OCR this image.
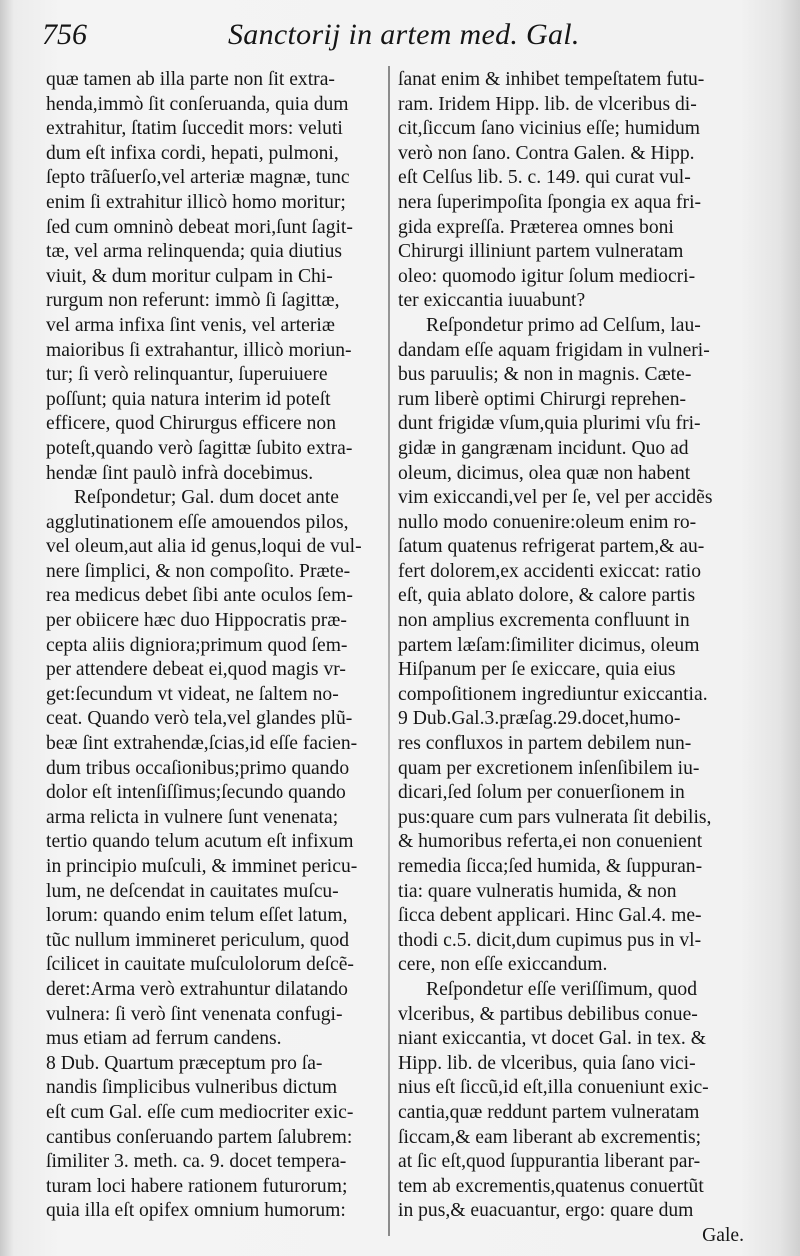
756	Sanctorij in artem med. Gal.
quæ tamen ab illa parte non ſit extra-
henda,immò ſit conſeruanda, quia dum
extrahitur, ſtatim ſuccedit mors: veluti
dum eſt infixa cordi, hepati, pulmoni,
ſepto trãſuerſo,vel arteriæ magnæ, tunc
enim ſi extrahitur illicò homo moritur;
ſed cum omninò debeat mori,ſunt ſagit-
tæ, vel arma relinquenda; quia diutius
viuit, & dum moritur culpam in Chi-
rurgum non referunt: immò ſi ſagittæ,
vel arma infixa ſint venis, vel arteriæ
maioribus ſi extrahantur, illicò moriun-
tur; ſi verò relinquantur, ſuperuiuere
poſſunt; quia natura interim id poteſt
efficere, quod Chirurgus efficere non
poteſt,quando verò ſagittæ ſubito extra-
hendæ ſint paulò infrà docebimus.
Reſpondetur; Gal. dum docet ante
agglutinationem eſſe amouendos pilos,
vel oleum,aut alia id genus,loqui de vul-
nere ſimplici, & non compoſito. Præte-
rea medicus debet ſibi ante oculos ſem-
per obiicere hæc duo Hippocratis præ-
cepta aliis digniora;primum quod ſem-
per attendere debeat ei,quod magis vr-
get:ſecundum vt videat, ne ſaltem no-
ceat. Quando verò tela,vel glandes plũ-
beæ ſint extrahendæ,ſcias,id eſſe facien-
dum tribus occaſionibus;primo quando
dolor eſt intenſiſſimus;ſecundo quando
arma relicta in vulnere ſunt venenata;
tertio quando telum acutum eſt infixum
in principio muſculi, & imminet pericu-
lum, ne deſcendat in cauitates muſcu-
lorum: quando enim telum eſſet latum,
tũc nullum immineret periculum, quod
ſcilicet in cauitate muſculolorum deſcẽ-
deret:Arma verò extrahuntur dilatando
vulnera: ſi verò ſint venenata confugi-
mus etiam ad ferrum candens.
8 Dub. Quartum præceptum pro ſa-
nandis ſimplicibus vulneribus dictum
eſt cum Gal. eſſe cum mediocriter exic-
cantibus conſeruando partem ſalubrem:
ſimiliter 3. meth. ca. 9. docet tempera-
turam loci habere rationem futurorum;
quia illa eſt opifex omnium humorum:
ſanat enim & inhibet tempeſtatem futu-
ram. Iridem Hipp. lib. de vlceribus di-
cit,ſiccum ſano vicinius eſſe; humidum
verò non ſano. Contra Galen. & Hipp.
eſt Celſus lib. 5. c. 149. qui curat vul-
nera ſuperimpoſita ſpongia ex aqua fri-
gida expreſſa. Præterea omnes boni
Chirurgi illiniunt partem vulneratam
oleo: quomodo igitur ſolum mediocri-
ter exiccantia iuuabunt?
Reſpondetur primo ad Celſum, lau-
dandam eſſe aquam frigidam in vulneri-
bus paruulis; & non in magnis. Cæte-
rum liberè optimi Chirurgi reprehen-
dunt frigidæ vſum,quia plurimi vſu fri-
gidæ in gangrænam incidunt. Quo ad
oleum, dicimus, olea quæ non habent
vim exiccandi,vel per ſe, vel per accidẽs
nullo modo conuenire:oleum enim ro-
ſatum quatenus refrigerat partem,& au-
fert dolorem,ex accidenti exiccat: ratio
eſt, quia ablato dolore, & calore partis
non amplius excrementa confluunt in
partem læſam:ſimiliter dicimus, oleum
Hiſpanum per ſe exiccare, quia eius
compoſitionem ingrediuntur exiccantia.
9 Dub.Gal.3.præſag.29.docet,humo-
res confluxos in partem debilem nun-
quam per excretionem inſenſibilem iu-
dicari,ſed ſolum per conuerſionem in
pus:quare cum pars vulnerata ſit debilis,
& humoribus referta,ei non conuenient
remedia ſicca;ſed humida, & ſuppuran-
tia: quare vulneratis humida, & non
ſicca debent applicari. Hinc Gal.4. me-
thodi c.5. dicit,dum cupimus pus in vl-
cere, non eſſe exiccandum.
Reſpondetur eſſe veriſſimum, quod
vlceribus, & partibus debilibus conue-
niant exiccantia, vt docet Gal. in tex. &
Hipp. lib. de vlceribus, quia ſano vici-
nius eſt ſiccũ,id eſt,illa conueniunt exic-
cantia,quæ reddunt partem vulneratam
ſiccam,& eam liberant ab excrementis;
at ſic eſt,quod ſuppurantia liberant par-
tem ab excrementis,quatenus conuertũt
in pus,& euacuantur, ergo: quare dum
Gale.
